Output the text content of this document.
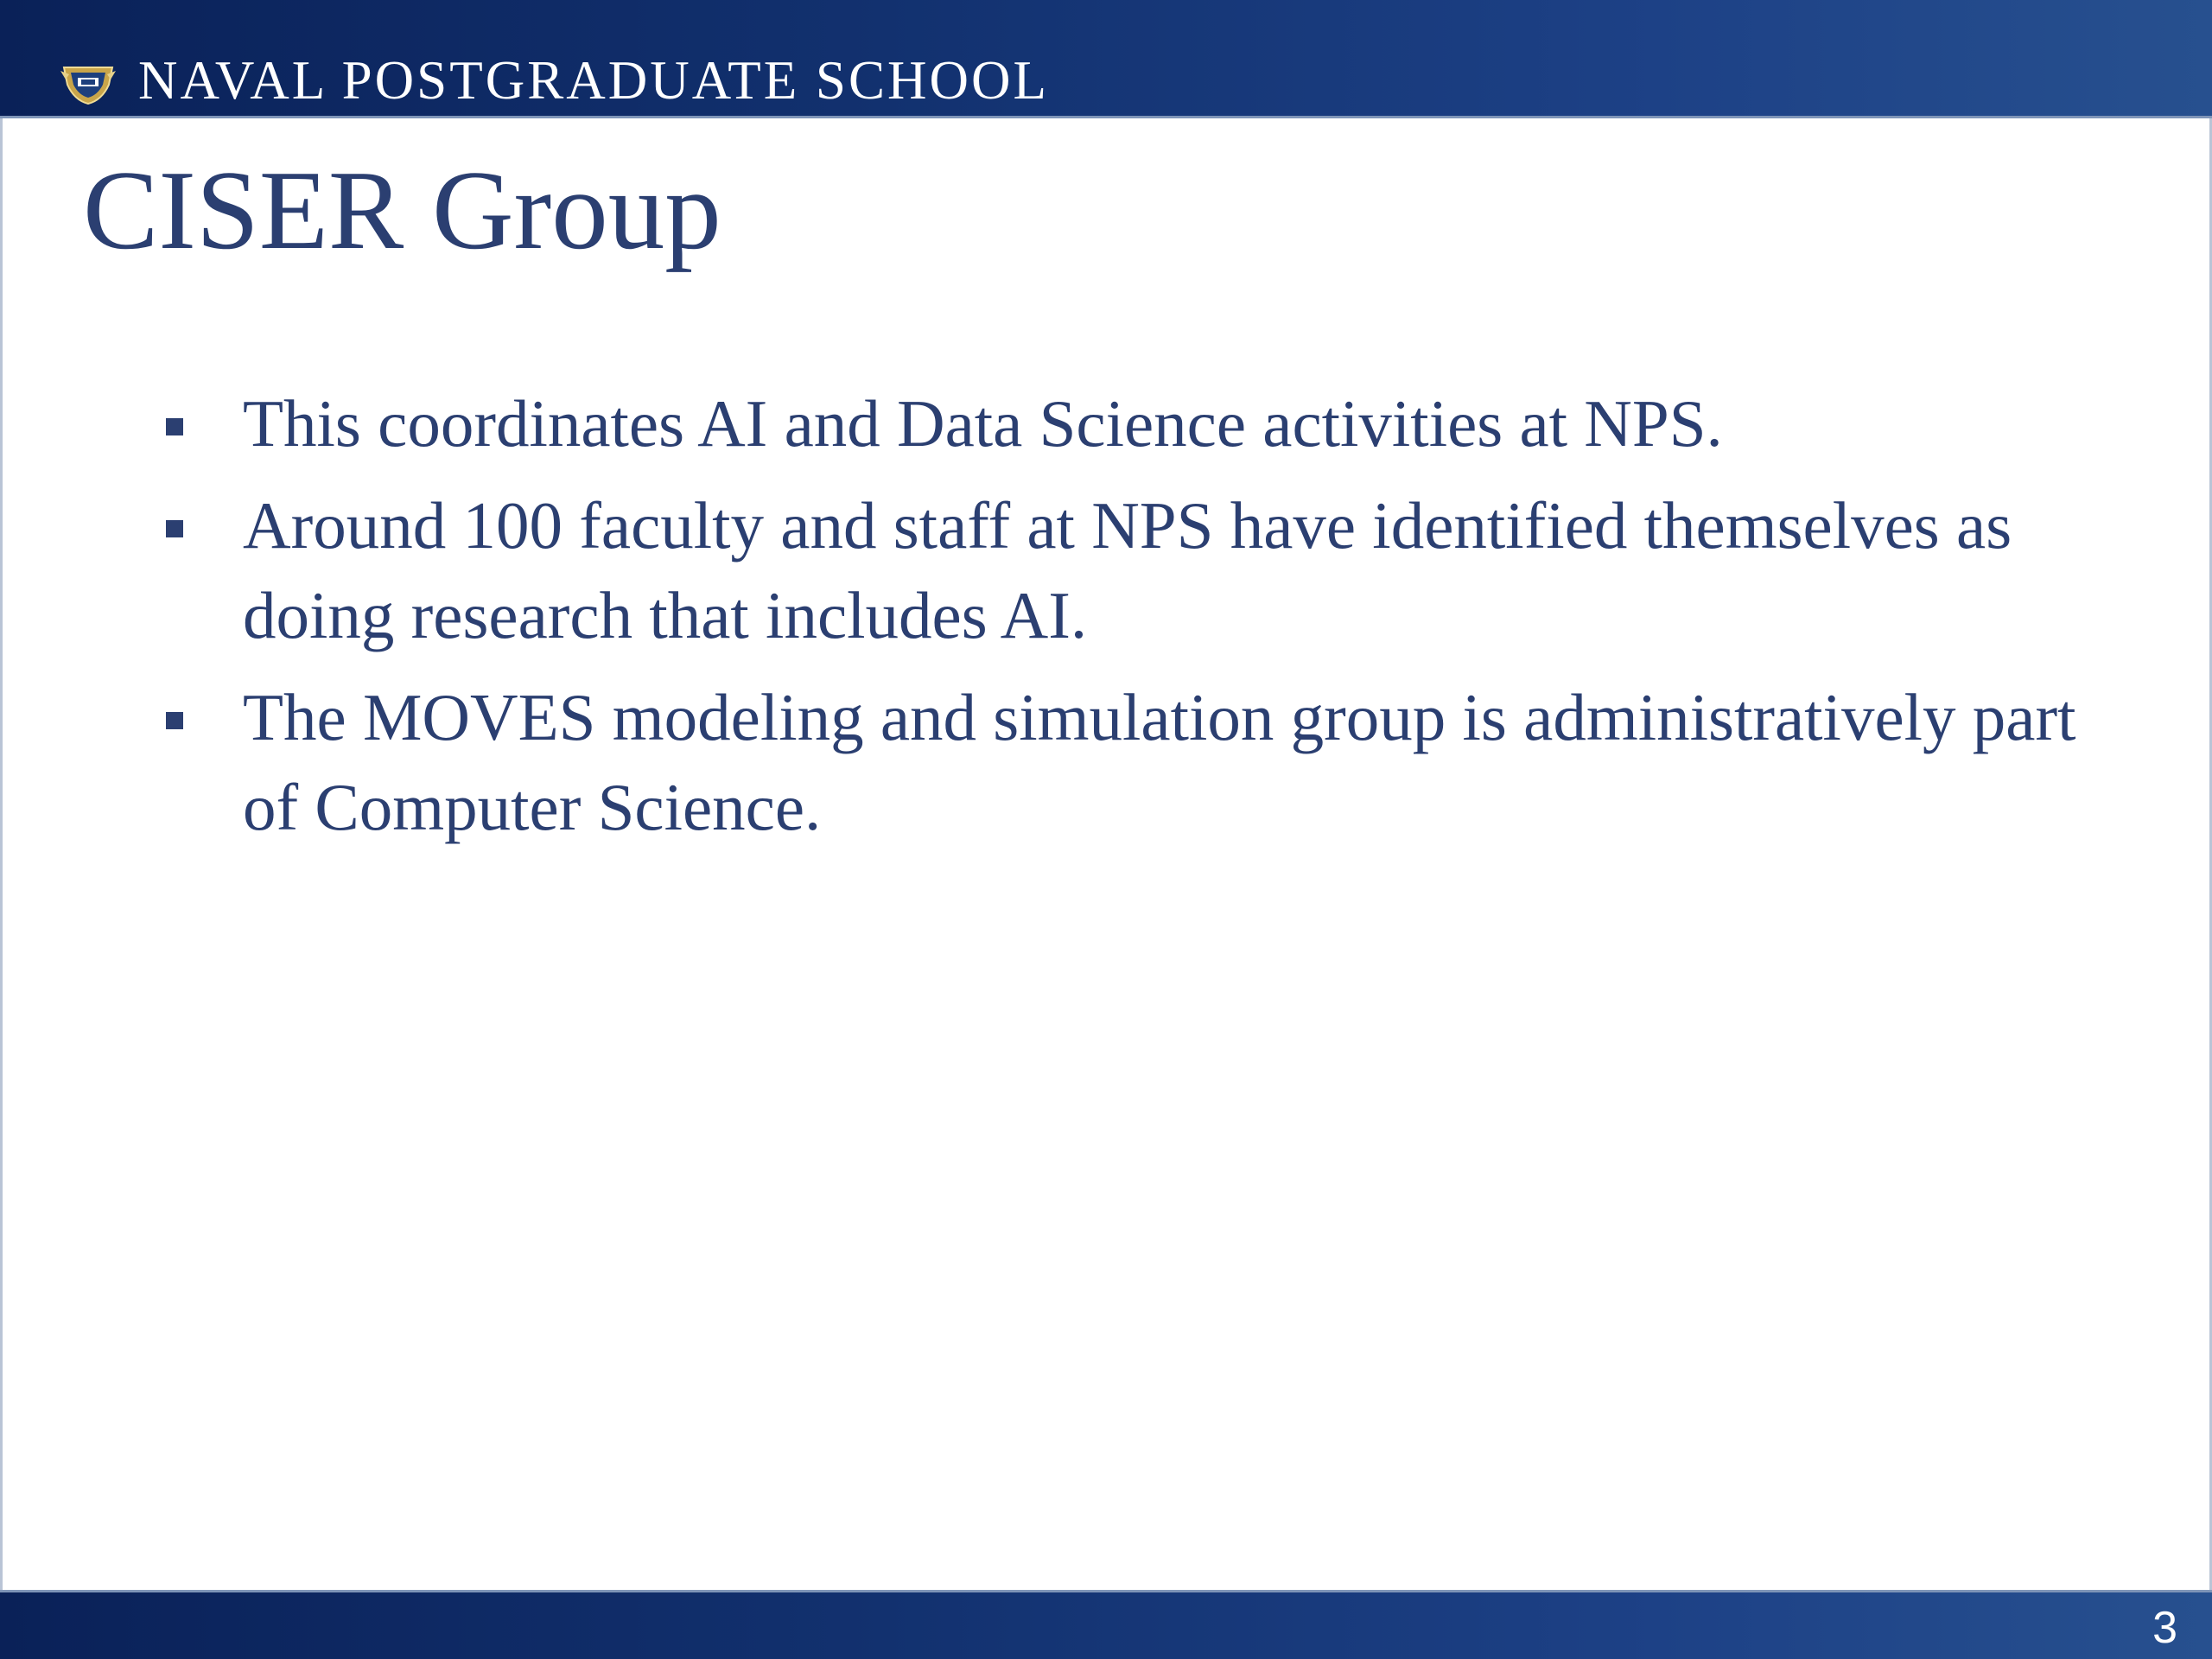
NAVAL POSTGRADUATE SCHOOL
CISER Group
This coordinates AI and Data Science activities at NPS.
Around 100 faculty and staff at NPS have identified themselves as doing research that includes AI.
The MOVES modeling and simulation group is administratively part of Computer Science.
3
